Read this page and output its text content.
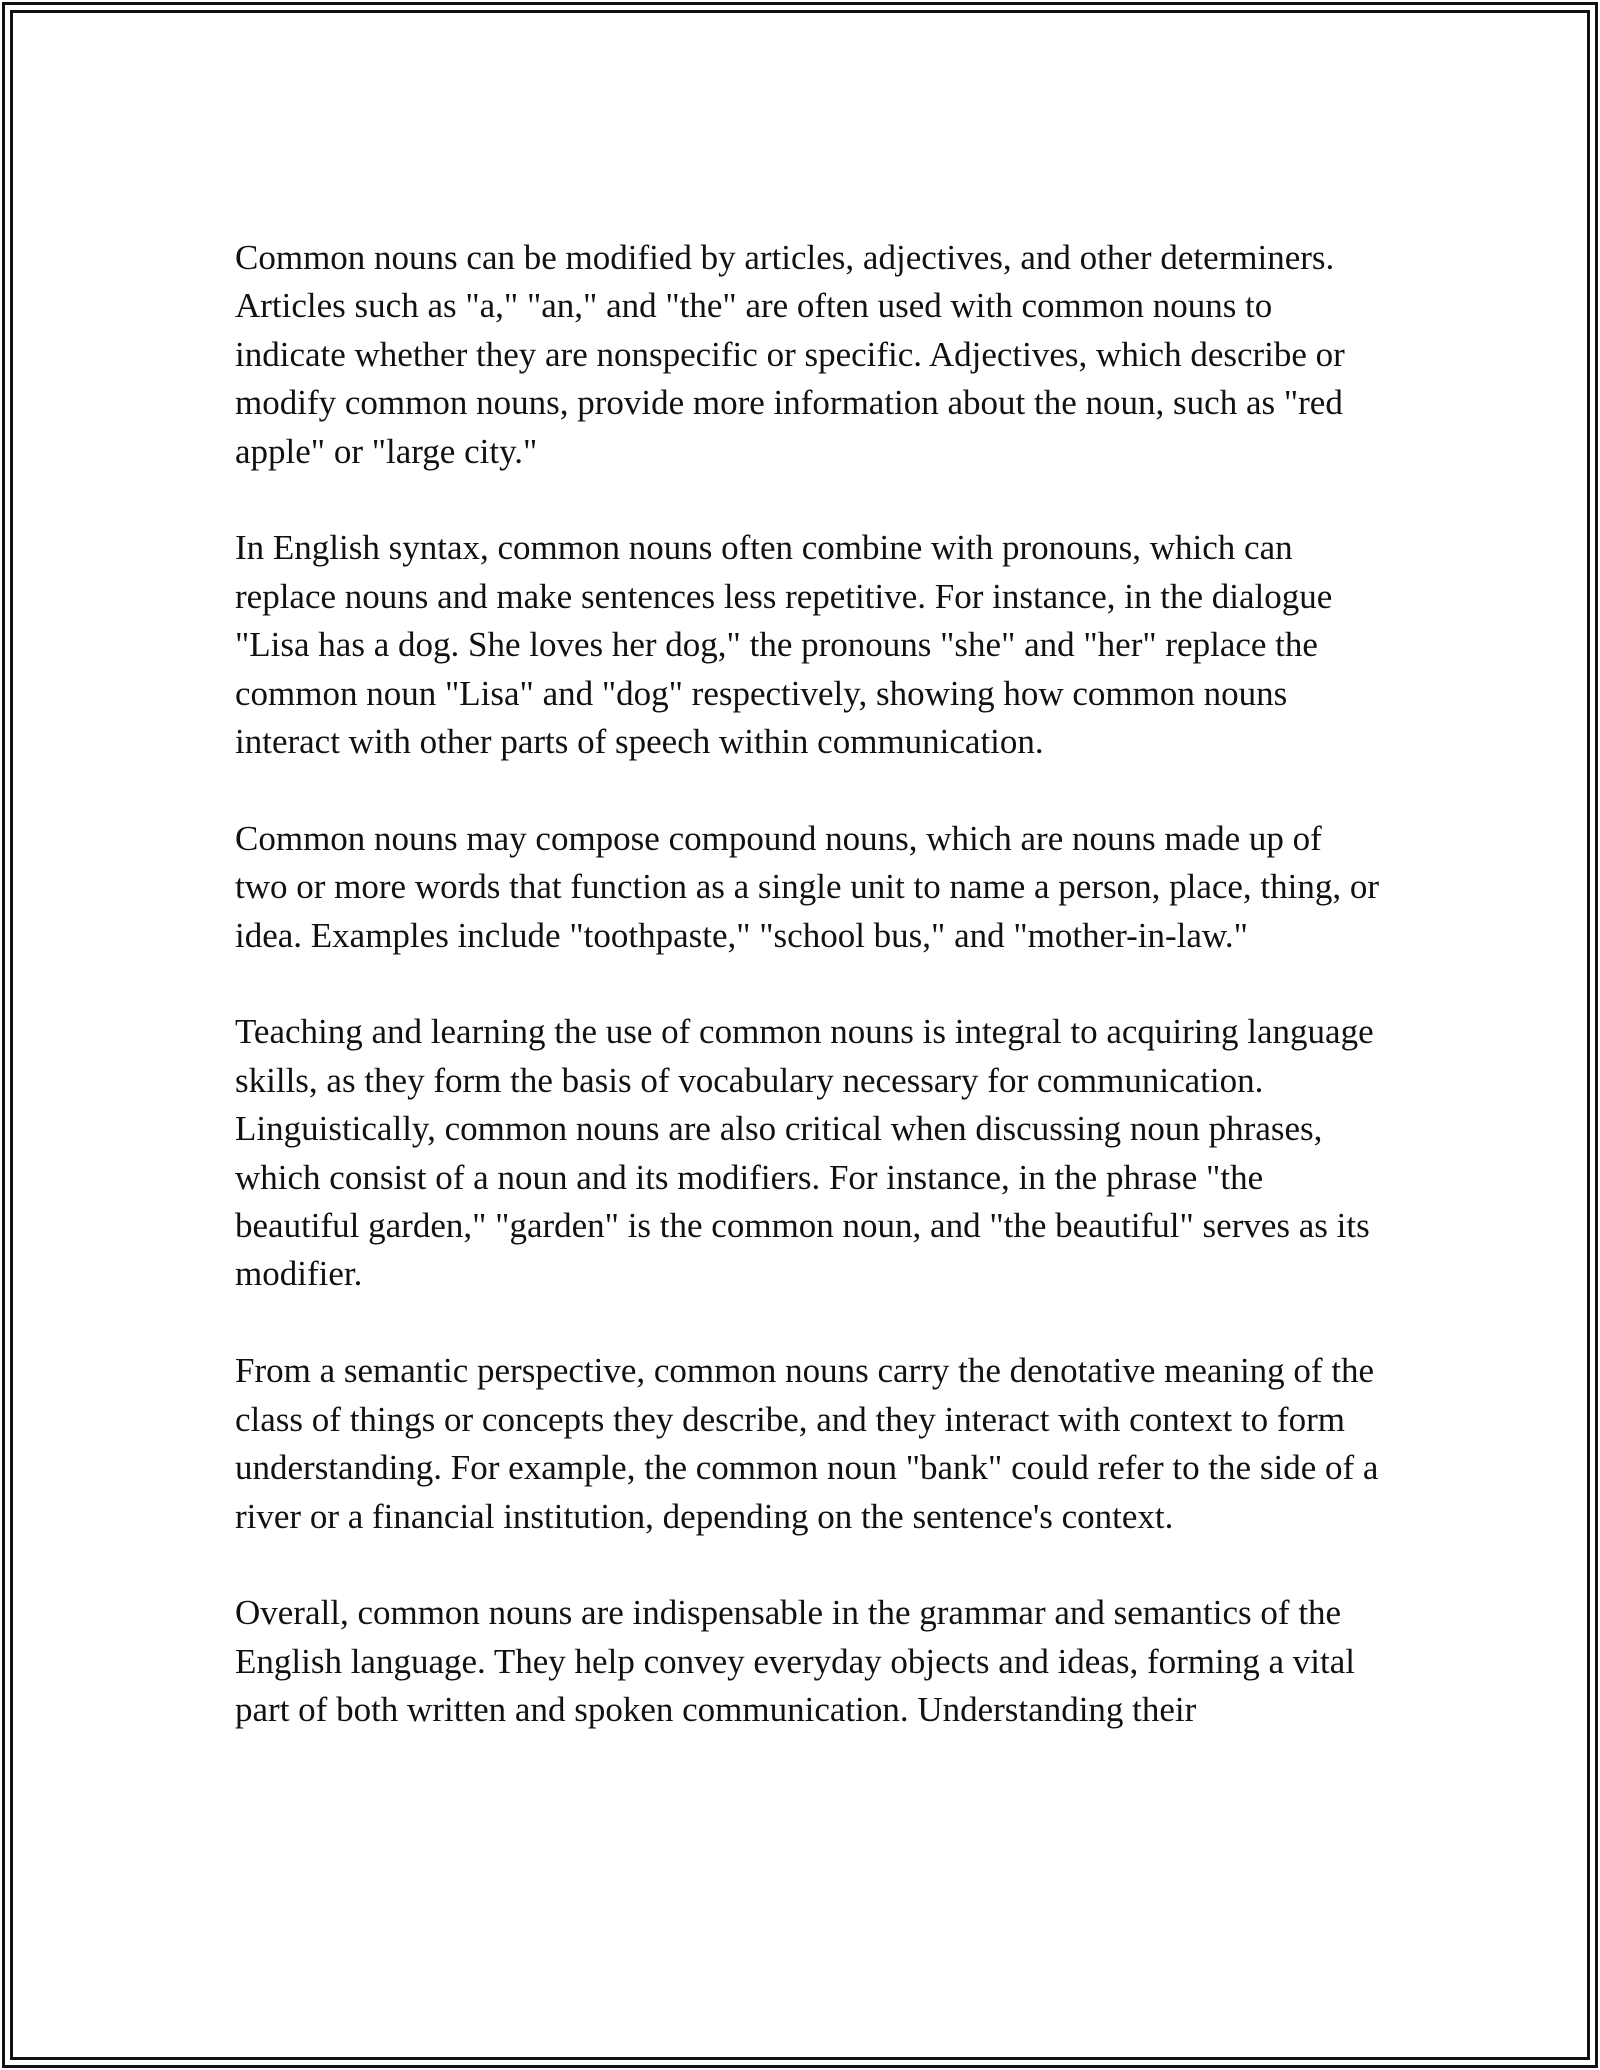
Common nouns can be modified by articles, adjectives, and other determiners. Articles such as "a," "an," and "the" are often used with common nouns to indicate whether they are nonspecific or specific. Adjectives, which describe or modify common nouns, provide more information about the noun, such as "red apple" or "large city."

In English syntax, common nouns often combine with pronouns, which can replace nouns and make sentences less repetitive. For instance, in the dialogue "Lisa has a dog. She loves her dog," the pronouns "she" and "her" replace the common noun "Lisa" and "dog" respectively, showing how common nouns interact with other parts of speech within communication.

Common nouns may compose compound nouns, which are nouns made up of two or more words that function as a single unit to name a person, place, thing, or idea. Examples include "toothpaste," "school bus," and "mother-in-law."

Teaching and learning the use of common nouns is integral to acquiring language skills, as they form the basis of vocabulary necessary for communication. Linguistically, common nouns are also critical when discussing noun phrases, which consist of a noun and its modifiers. For instance, in the phrase "the beautiful garden," "garden" is the common noun, and "the beautiful" serves as its modifier.

From a semantic perspective, common nouns carry the denotative meaning of the class of things or concepts they describe, and they interact with context to form understanding. For example, the common noun "bank" could refer to the side of a river or a financial institution, depending on the sentence's context.

Overall, common nouns are indispensable in the grammar and semantics of the English language. They help convey everyday objects and ideas, forming a vital part of both written and spoken communication. Understanding their
